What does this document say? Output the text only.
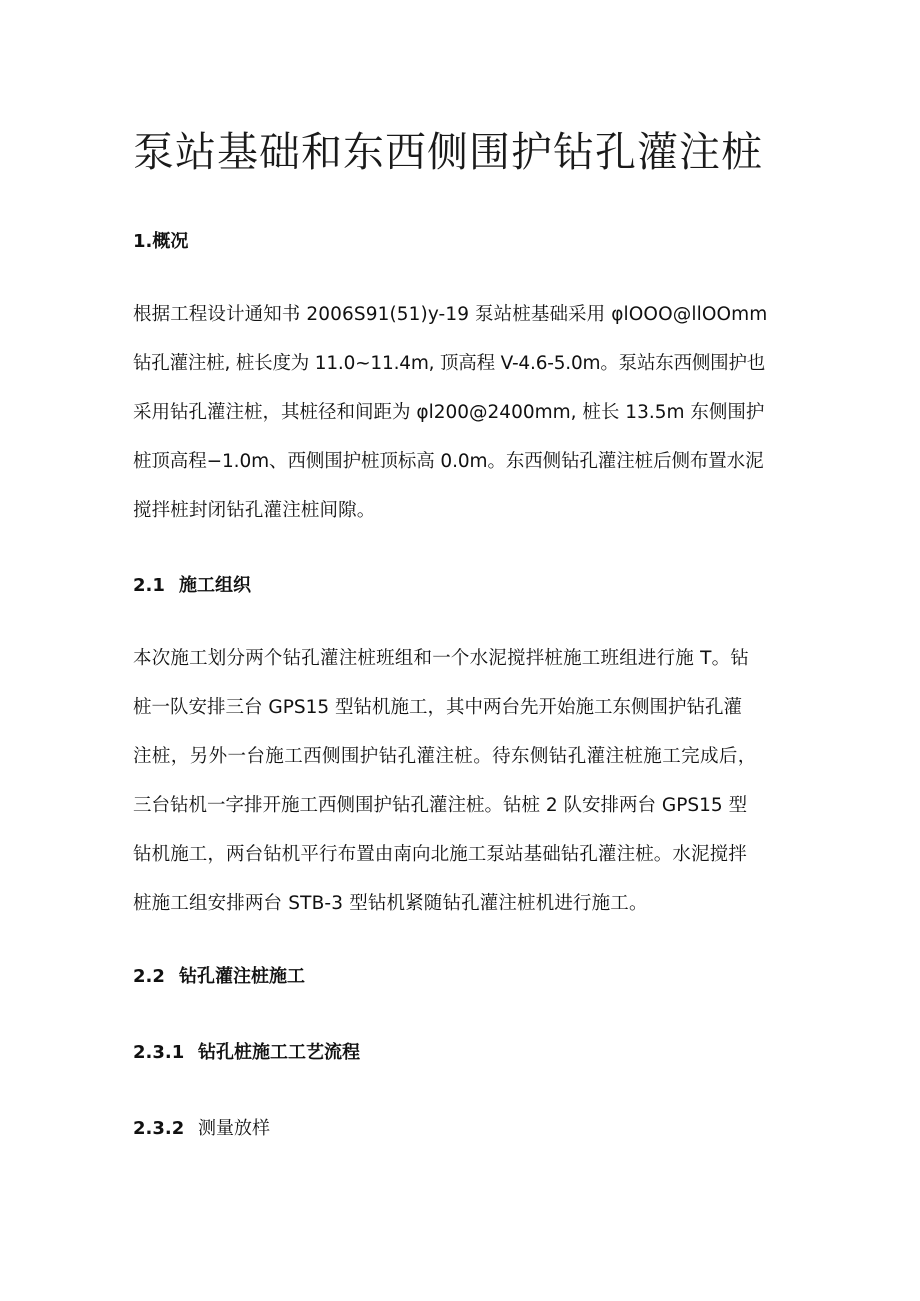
泵站基础和东西侧围护钻孔灌注桩
1.概况
根据工程设计通知书 2006S91(51)y-19 泵站桩基础采用 φlOOO@llOOmm
钻孔灌注桩, 桩长度为 11.0~11.4m, 顶高程 V-4.6-5.0m。泵站东西侧围护也
采用钻孔灌注桩，其桩径和间距为 φl200@2400mm, 桩长 13.5m 东侧围护
桩顶高程−1.0m、西侧围护桩顶标高 0.0m。东西侧钻孔灌注桩后侧布置水泥
搅拌桩封闭钻孔灌注桩间隙。
2.1 施工组织
本次施工划分两个钻孔灌注桩班组和一个水泥搅拌桩施工班组进行施 T。钻
桩一队安排三台 GPS15 型钻机施工，其中两台先开始施工东侧围护钻孔灌
注桩，另外一台施工西侧围护钻孔灌注桩。待东侧钻孔灌注桩施工完成后，
三台钻机一字排开施工西侧围护钻孔灌注桩。钻桩 2 队安排两台 GPS15 型
钻机施工，两台钻机平行布置由南向北施工泵站基础钻孔灌注桩。水泥搅拌
桩施工组安排两台 STB-3 型钻机紧随钻孔灌注桩机进行施工。
2.2 钻孔灌注桩施工
2.3.1 钻孔桩施工工艺流程
2.3.2 测量放样
